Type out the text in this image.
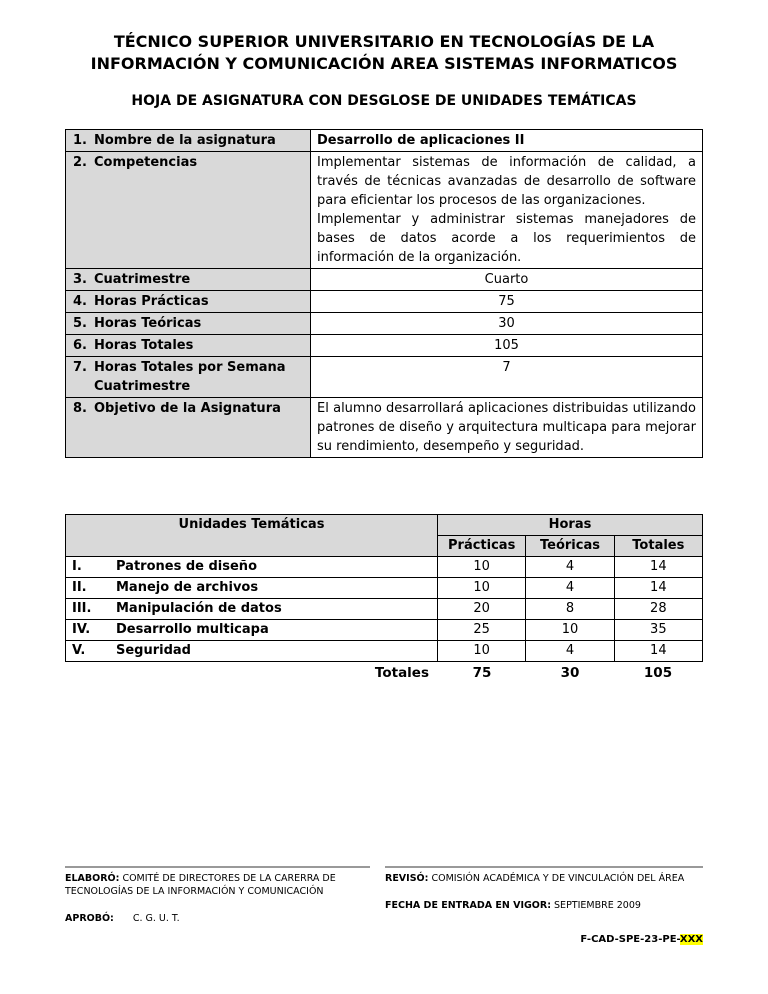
TÉCNICO SUPERIOR UNIVERSITARIO EN TECNOLOGÍAS DE LA
INFORMACIÓN Y COMUNICACIÓN AREA SISTEMAS INFORMATICOS
HOJA DE ASIGNATURA CON DESGLOSE DE UNIDADES TEMÁTICAS
1. Nombre de la asignatura	Desarrollo de aplicaciones II

2. Competencias	Implementar sistemas de información de calidad, a través de técnicas avanzadas de desarrollo de software para eficientar los procesos de las organizaciones.
Implementar y administrar sistemas manejadores de bases de datos acorde a los requerimientos de información de la organización.

3. Cuatrimestre	Cuarto

4. Horas Prácticas	75

5. Horas Teóricas	30

6. Horas Totales	105

7. Horas Totales por Semana Cuatrimestre	7

8. Objetivo de la Asignatura	El alumno desarrollará aplicaciones distribuidas utilizando patrones de diseño y arquitectura multicapa para mejorar su rendimiento, desempeño y seguridad.
Unidades Temáticas	Horas		
	Prácticas	Teóricas	Totales

I. Patrones de diseño	10	4	14

II. Manejo de archivos	10	4	14

III. Manipulación de datos	20	8	28

IV. Desarrollo multicapa	25	10	35

V. Seguridad	10	4	14
Totales	75	30	105
ELABORÓ: COMITÉ DE DIRECTORES DE LA CARERRA DE TECNOLOGÍAS DE LA INFORMACIÓN Y COMUNICACIÓN
APROBÓ: C. G. U. T.
REVISÓ: COMISIÓN ACADÉMICA Y DE VINCULACIÓN DEL ÁREA
FECHA DE ENTRADA EN VIGOR: SEPTIEMBRE 2009
F-CAD-SPE-23-PE-XXX
